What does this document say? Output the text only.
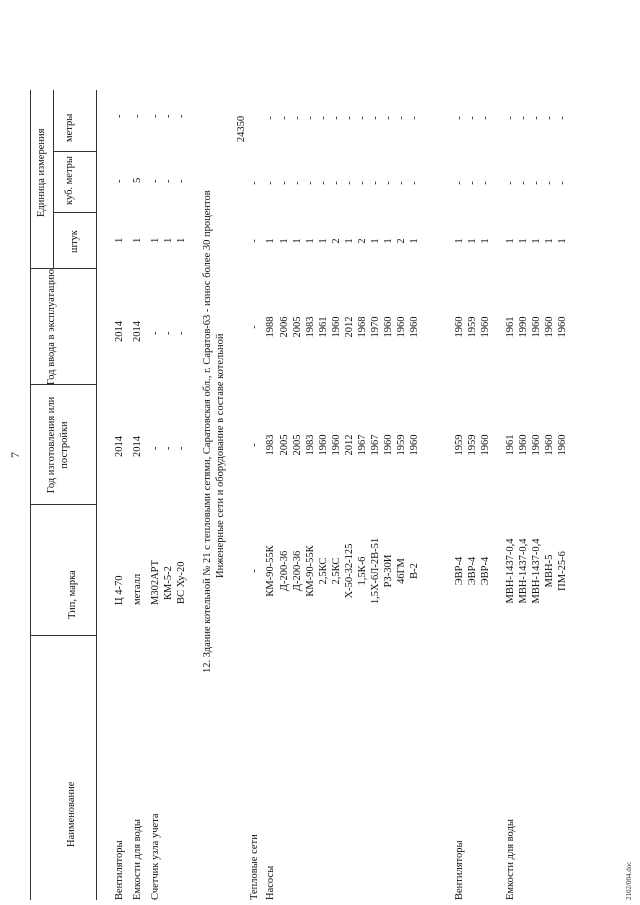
7
Наименование
Тип, марка
Год изготовления или постройки
Год ввода в эксплуатацию
Единица измерения
штук
куб. метры
метры
Вентиляторы
Ц 4-70
2014
2014
1
-
-
Емкости для воды
металл
2014
2014
1
5
-
Счетчик узла учета
М302АРТ
-
-
1
-
-
КМ-5-2
-
-
1
-
-
ВС Ху-20
-
-
1
-
-
12. Здание котельной № 21 с тепловыми сетями, Саратовская обл., г. Саратов-63 - износ более 30 процентов Инженерные сети и оборудование в составе котельной
Тепловые сети
-
-
-
-
-
24350
Насосы
КМ-90-55К
1983
1988
1
-
-
Д-200-36
2005
2006
1
-
-
Д-200-36
2005
2005
1
-
-
КМ-90-55К
1983
1983
1
-
-
2,5КС
1960
1961
1
-
-
2,5КС
1960
1960
2
-
-
Х-50-32-125
2012
2012
1
-
-
1,5К-6
1967
1968
2
-
-
1,5Х-6Л-2В-51
1967
1970
1
-
-
РЗ-30И
1960
1960
1
-
-
46ГМ
1959
1960
2
-
-
В-2
1960
1960
1
-
-
Вентиляторы
ЭВР-4
1959
1960
1
-
-
ЭВР-4
1959
1959
1
-
-
ЭВР-4
1960
1960
1
-
-
Емкости для воды
МВН-1437-0,4
1961
1961
1
-
-
МВН-1437-0,4
1960
1990
1
-
-
МВН-1437-0,4
1960
1960
1
-
-
МВН-5
1960
1960
1
-
-
ПМ-25-6
1960
1960
1
-
-
2102/004.doc
